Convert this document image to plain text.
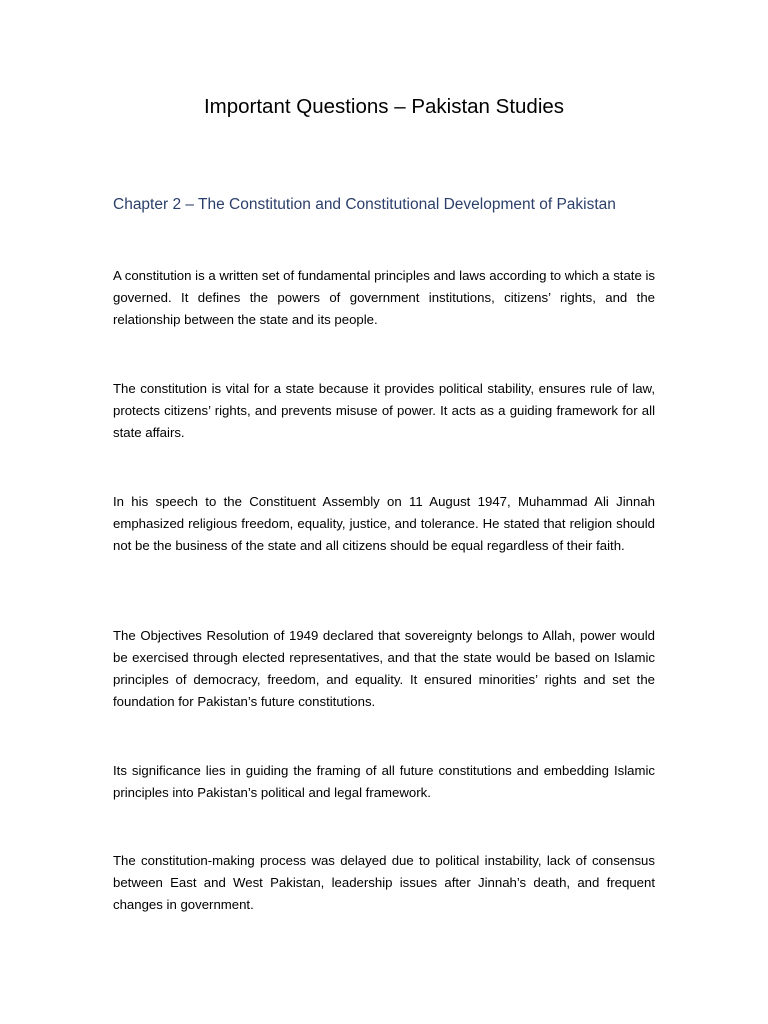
Important Questions – Pakistan Studies
Chapter 2 – The Constitution and Constitutional Development of Pakistan

A constitution is a written set of fundamental principles and laws according to which a state is governed. It defines the powers of government institutions, citizens’ rights, and the relationship between the state and its people.

The constitution is vital for a state because it provides political stability, ensures rule of law, protects citizens’ rights, and prevents misuse of power. It acts as a guiding framework for all state affairs.

In his speech to the Constituent Assembly on 11 August 1947, Muhammad Ali Jinnah emphasized religious freedom, equality, justice, and tolerance. He stated that religion should not be the business of the state and all citizens should be equal regardless of their faith.

The Objectives Resolution of 1949 declared that sovereignty belongs to Allah, power would be exercised through elected representatives, and that the state would be based on Islamic principles of democracy, freedom, and equality. It ensured minorities’ rights and set the foundation for Pakistan’s future constitutions.

Its significance lies in guiding the framing of all future constitutions and embedding Islamic principles into Pakistan’s political and legal framework.

The constitution-making process was delayed due to political instability, lack of consensus between East and West Pakistan, leadership issues after Jinnah’s death, and frequent changes in government.
